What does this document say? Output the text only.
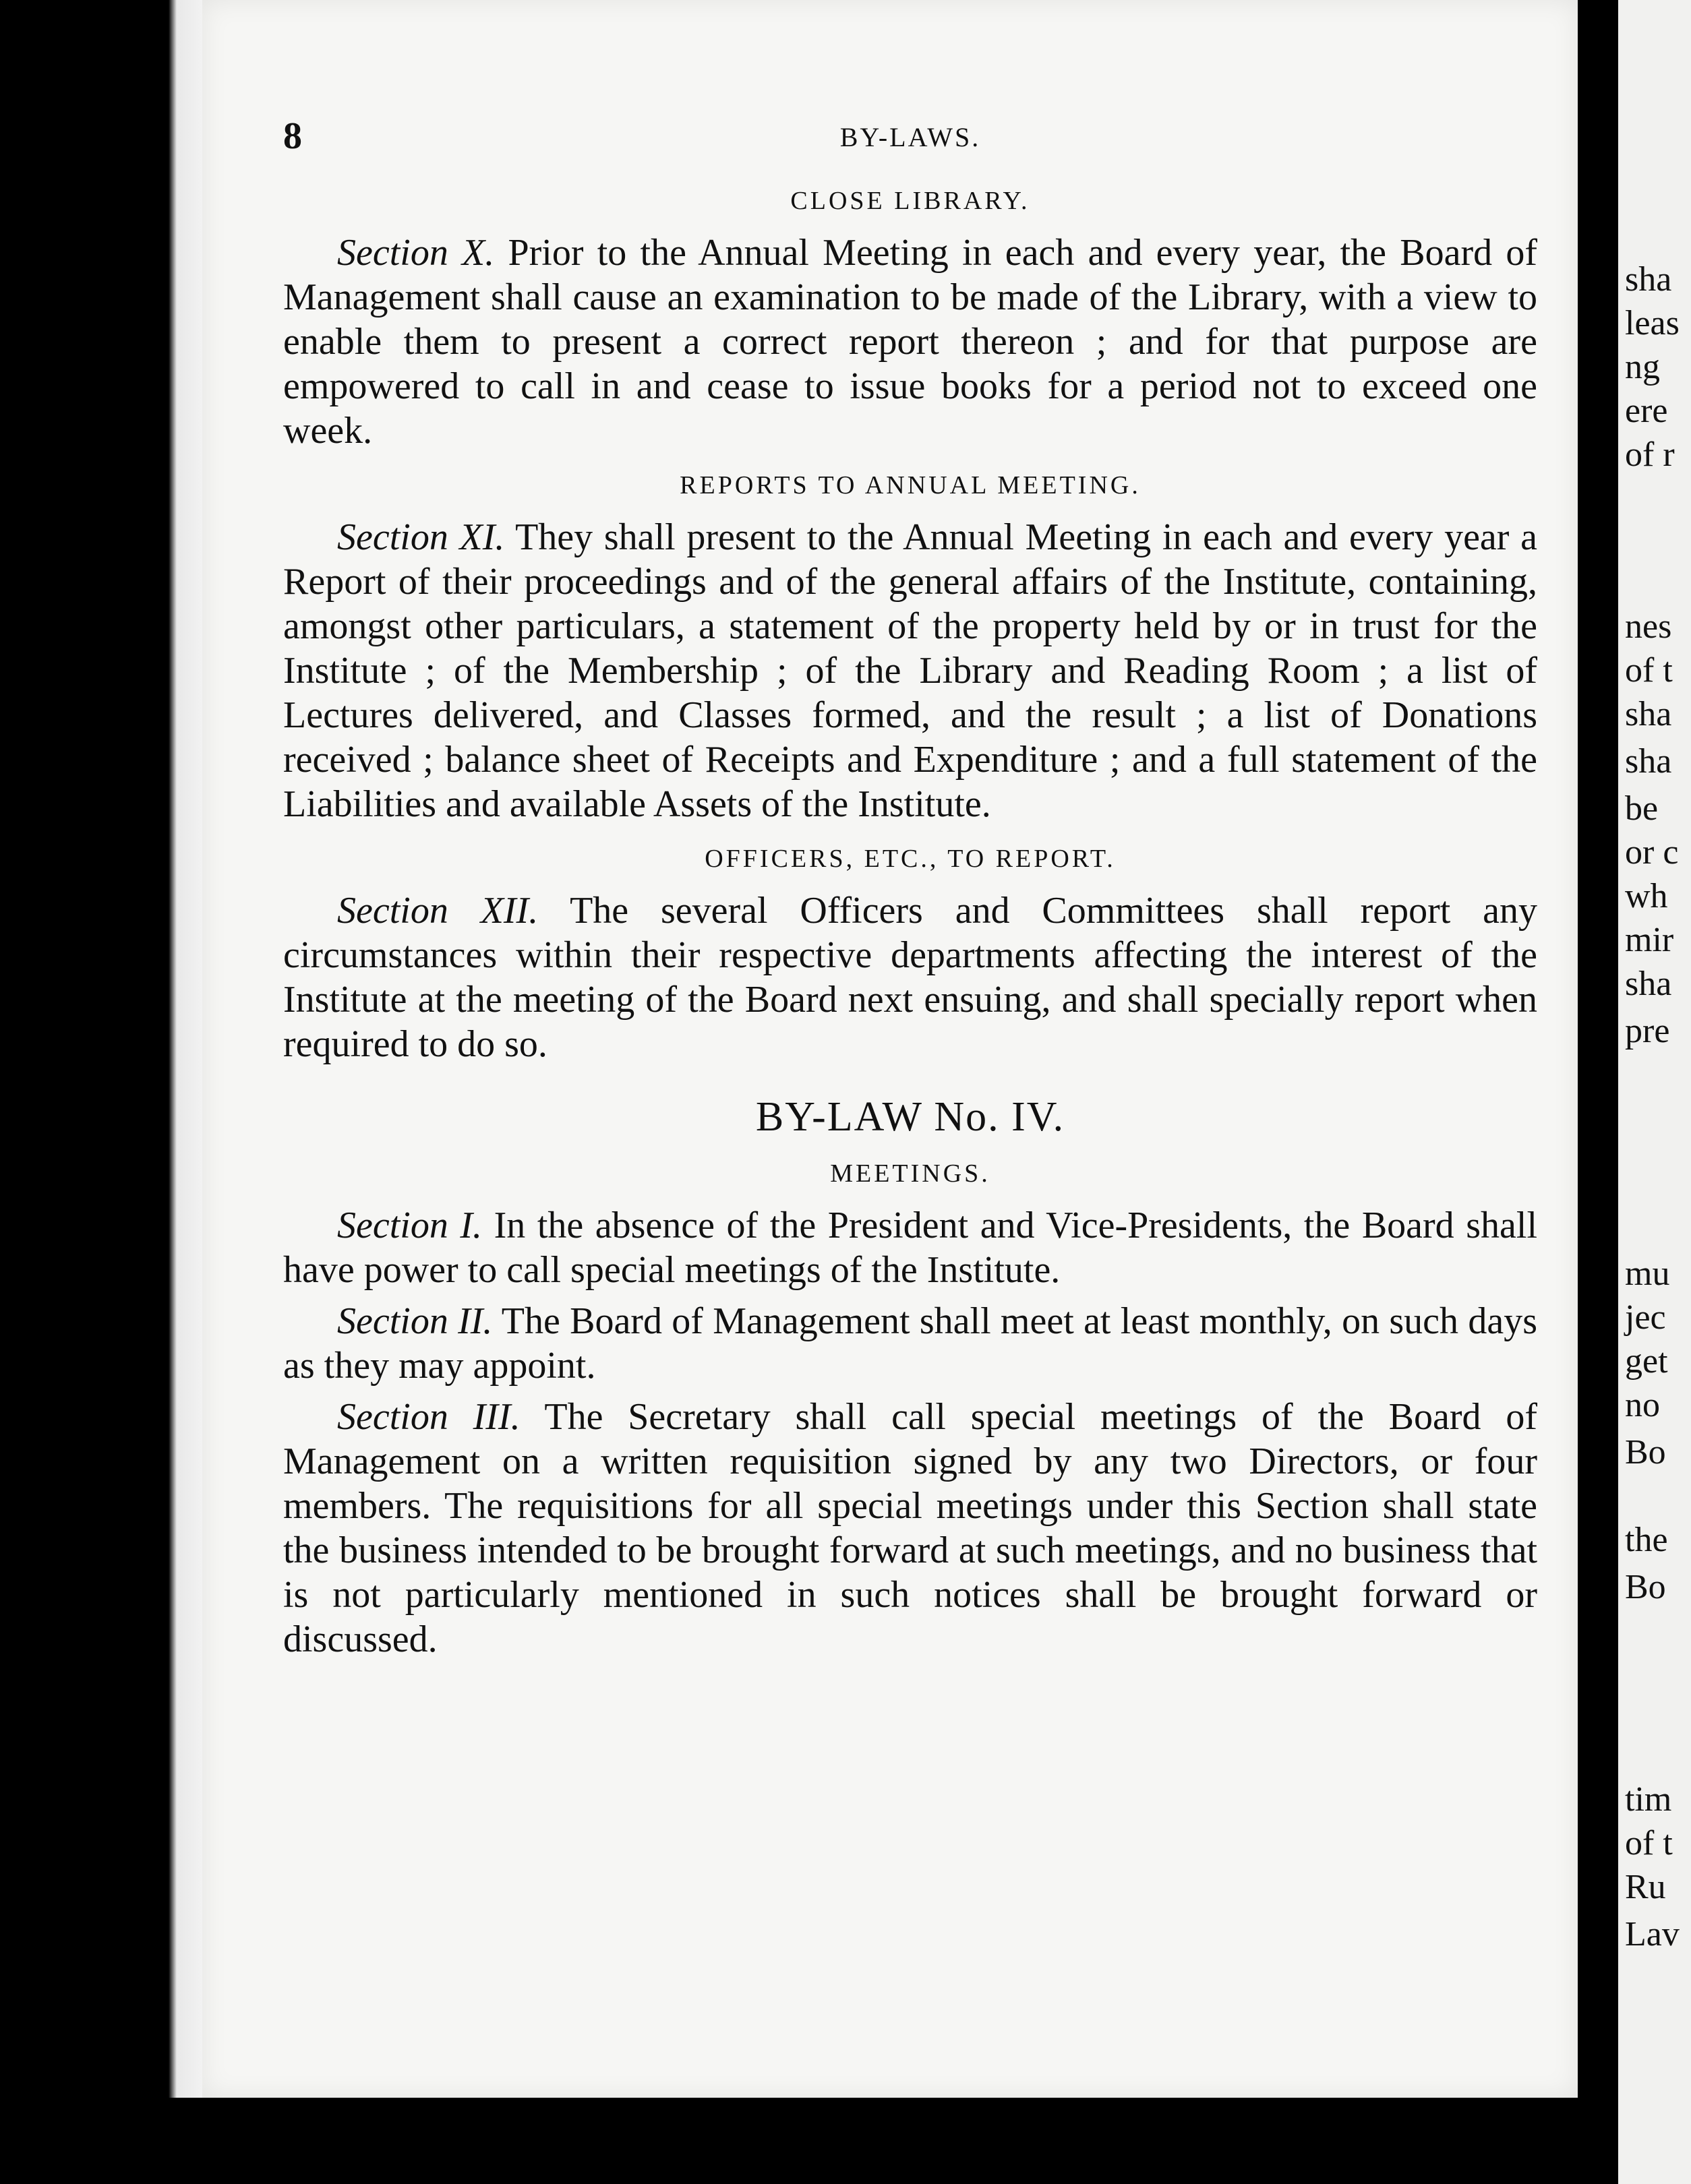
8	BY-LAWS.
CLOSE LIBRARY.

Section X. Prior to the Annual Meeting in each and every year, the Board of Management shall cause an examination to be made of the Library, with a view to enable them to present a correct report thereon ; and for that purpose are empowered to call in and cease to issue books for a period not to exceed one week.

REPORTS TO ANNUAL MEETING.

Section XI. They shall present to the Annual Meeting in each and every year a Report of their proceedings and of the general affairs of the Institute, containing, amongst other particulars, a statement of the property held by or in trust for the Institute ; of the Membership ; of the Library and Reading Room ; a list of Lectures delivered, and Classes formed, and the result ; a list of Donations received ; balance sheet of Receipts and Expenditure ; and a full statement of the Liabilities and available Assets of the Institute.

OFFICERS, ETC., TO REPORT.

Section XII. The several Officers and Committees shall report any circumstances within their respective departments affecting the interest of the Institute at the meeting of the Board next ensuing, and shall specially report when required to do so.

BY-LAW No. IV.
MEETINGS.

Section I. In the absence of the President and Vice-Presidents, the Board shall have power to call special meetings of the Institute.

Section II. The Board of Management shall meet at least monthly, on such days as they may appoint.

Section III. The Secretary shall call special meetings of the Board of Management on a written requisition signed by any two Directors, or four members. The requisitions for all special meetings under this Section shall state the business intended to be brought forward at such meetings, and no business that is not particularly mentioned in such notices shall be brought forward or discussed.

sha
leas
ng
ere
of r
nes
of t
sha
sha
be
or c
wh
mir
sha
pre
mu
jec
get
no
Bo
the
Bo
tim
of t
Ru
Lav
